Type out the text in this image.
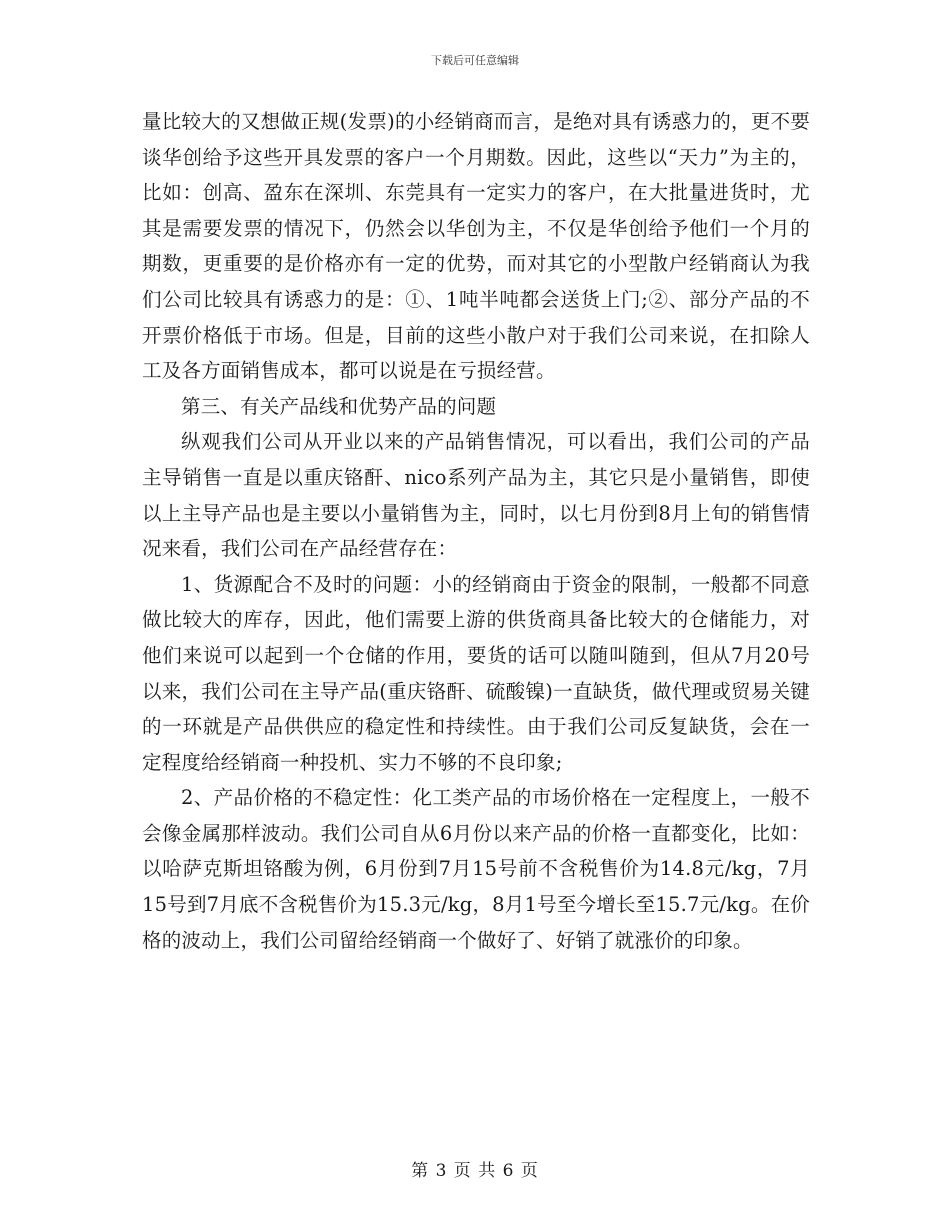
下载后可任意编辑

量比较大的又想做正规(发票)的小经销商而言，是绝对具有诱惑力的，更不要谈华创给予这些开具发票的客户一个月期数。因此，这些以“天力”为主的，比如：创高、盈东在深圳、东莞具有一定实力的客户，在大批量进货时，尤其是需要发票的情况下，仍然会以华创为主，不仅是华创给予他们一个月的期数，更重要的是价格亦有一定的优势，而对其它的小型散户经销商认为我们公司比较具有诱惑力的是：①、1吨半吨都会送货上门;②、部分产品的不开票价格低于市场。但是，目前的这些小散户对于我们公司来说，在扣除人工及各方面销售成本，都可以说是在亏损经营。

第三、有关产品线和优势产品的问题

纵观我们公司从开业以来的产品销售情况，可以看出，我们公司的产品主导销售一直是以重庆铬酐、nico系列产品为主，其它只是小量销售，即使以上主导产品也是主要以小量销售为主，同时，以七月份到8月上旬的销售情况来看，我们公司在产品经营存在：

1、货源配合不及时的问题：小的经销商由于资金的限制，一般都不同意做比较大的库存，因此，他们需要上游的供货商具备比较大的仓储能力，对他们来说可以起到一个仓储的作用，要货的话可以随叫随到，但从7月20号以来，我们公司在主导产品(重庆铬酐、硫酸镍)一直缺货，做代理或贸易关键的一环就是产品供供应的稳定性和持续性。由于我们公司反复缺货，会在一定程度给经销商一种投机、实力不够的不良印象;

2、产品价格的不稳定性：化工类产品的市场价格在一定程度上，一般不会像金属那样波动。我们公司自从6月份以来产品的价格一直都变化，比如：以哈萨克斯坦铬酸为例，6月份到7月15号前不含税售价为14.8元/kg，7月15号到7月底不含税售价为15.3元/kg，8月1号至今增长至15.7元/kg。在价格的波动上，我们公司留给经销商一个做好了、好销了就涨价的印象。

第 3 页 共 6 页
